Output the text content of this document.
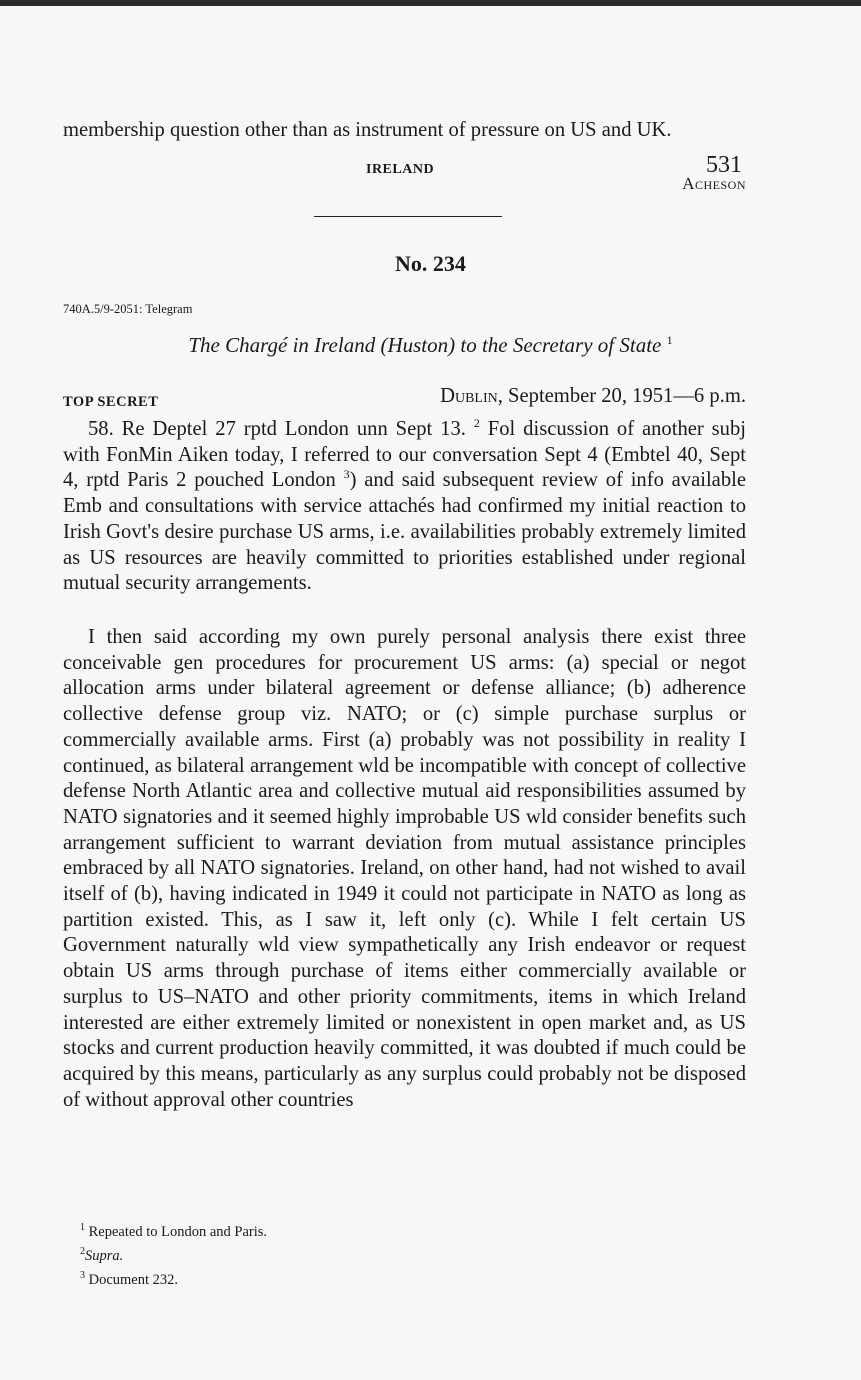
IRELAND	531

membership question other than as instrument of pressure on US and UK.

Acheson
No. 234
740A.5/9-2051: Telegram
The Chargé in Ireland (Huston) to the Secretary of State $^1$
TOP SECRET	Dublin, September 20, 1951—6 p.m.

58. Re Deptel 27 rptd London unn Sept 13. $^2$ Fol discussion of another subj with FonMin Aiken today, I referred to our conversation Sept 4 (Embtel 40, Sept 4, rptd Paris 2 pouched London $^3$) and said subsequent review of info available Emb and consultations with service attachés had confirmed my initial reaction to Irish Govt's desire purchase US arms, i.e. availabilities probably extremely limited as US resources are heavily committed to priorities established under regional mutual security arrangements.

I then said according my own purely personal analysis there exist three conceivable gen procedures for procurement US arms: (a) special or negot allocation arms under bilateral agreement or defense alliance; (b) adherence collective defense group viz. NATO; or (c) simple purchase surplus or commercially available arms. First (a) probably was not possibility in reality I continued, as bilateral arrangement wld be incompatible with concept of collective defense North Atlantic area and collective mutual aid responsibilities assumed by NATO signatories and it seemed highly improbable US wld consider benefits such arrangement sufficient to warrant deviation from mutual assistance principles embraced by all NATO signatories. Ireland, on other hand, had not wished to avail itself of (b), having indicated in 1949 it could not participate in NATO as long as partition existed. This, as I saw it, left only (c). While I felt certain US Government naturally wld view sympathetically any Irish endeavor or request obtain US arms through purchase of items either commercially available or surplus to US–NATO and other priority commitments, items in which Ireland interested are either extremely limited or nonexistent in open market and, as US stocks and current production heavily committed, it was doubted if much could be acquired by this means, particularly as any surplus could probably not be disposed of without approval other countries

$^1$ Repeated to London and Paris.
$^2$Supra.
$^3$ Document 232.
